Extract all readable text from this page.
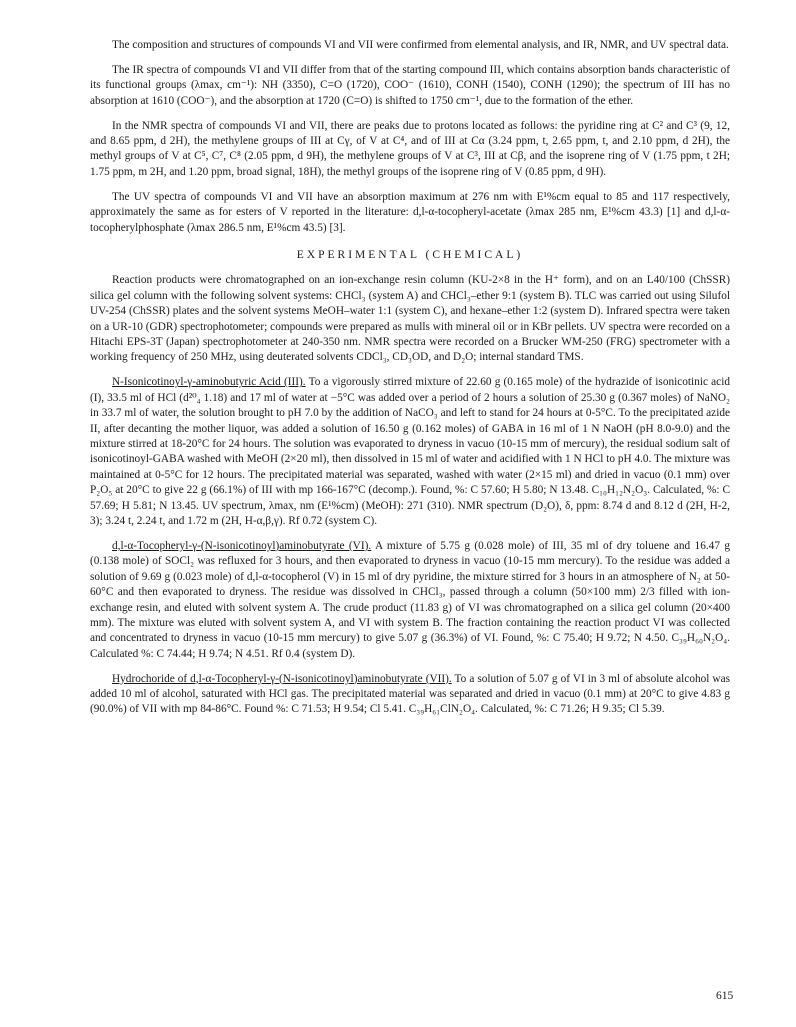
The composition and structures of compounds VI and VII were confirmed from elemental analysis, and IR, NMR, and UV spectral data.

The IR spectra of compounds VI and VII differ from that of the starting compound III, which contains absorption bands characteristic of its functional groups (λmax, cm⁻¹): NH (3350), C=O (1720), COO⁻ (1610), CONH (1540), CONH (1290); the spectrum of III has no absorption at 1610 (COO⁻), and the absorption at 1720 (C=O) is shifted to 1750 cm⁻¹, due to the formation of the ether.

In the NMR spectra of compounds VI and VII, there are peaks due to protons located as follows: the pyridine ring at C² and C³ (9, 12, and 8.65 ppm, d 2H), the methylene groups of III at Cγ, of V at C⁴, and of III at Cα (3.24 ppm, t, 2.65 ppm, t, and 2.10 ppm, d 2H), the methyl groups of V at C⁵, C⁷, C⁸ (2.05 ppm, d 9H), the methylene groups of V at C³, III at Cβ, and the isoprene ring of V (1.75 ppm, t 2H; 1.75 ppm, m 2H, and 1.20 ppm, broad signal, 18H), the methyl groups of the isoprene ring of V (0.85 ppm, d 9H).

The UV spectra of compounds VI and VII have an absorption maximum at 276 nm with E¹%cm equal to 85 and 117 respectively, approximately the same as for esters of V reported in the literature: d,l-α-tocopheryl-acetate (λmax 285 nm, E¹%cm 43.3) [1] and d,l-α-tocopherylphosphate (λmax 286.5 nm, E¹%cm 43.5) [3].

EXPERIMENTAL (CHEMICAL)

Reaction products were chromatographed on an ion-exchange resin column (KU-2×8 in the H⁺ form), and on an L40/100 (ChSSR) silica gel column with the following solvent systems: CHCl₃ (system A) and CHCl₃–ether 9:1 (system B). TLC was carried out using Silufol UV-254 (ChSSR) plates and the solvent systems MeOH–water 1:1 (system C), and hexane–ether 1:2 (system D). Infrared spectra were taken on a UR-10 (GDR) spectrophotometer; compounds were prepared as mulls with mineral oil or in KBr pellets. UV spectra were recorded on a Hitachi EPS-3T (Japan) spectrophotometer at 240-350 nm. NMR spectra were recorded on a Brucker WM-250 (FRG) spectrometer with a working frequency of 250 MHz, using deuterated solvents CDCl₃, CD₃OD, and D₂O; internal standard TMS.

N-Isonicotinoyl-γ-aminobutyric Acid (III). To a vigorously stirred mixture of 22.60 g (0.165 mole) of the hydrazide of isonicotinic acid (I), 33.5 ml of HCl (d²⁰₄ 1.18) and 17 ml of water at −5°C was added over a period of 2 hours a solution of 25.30 g (0.367 moles) of NaNO₂ in 33.7 ml of water, the solution brought to pH 7.0 by the addition of NaCO₃ and left to stand for 24 hours at 0-5°C. To the precipitated azide II, after decanting the mother liquor, was added a solution of 16.50 g (0.162 moles) of GABA in 16 ml of 1 N NaOH (pH 8.0-9.0) and the mixture stirred at 18-20°C for 24 hours. The solution was evaporated to dryness in vacuo (10-15 mm of mercury), the residual sodium salt of isonicotinoyl-GABA washed with MeOH (2×20 ml), then dissolved in 15 ml of water and acidified with 1 N HCl to pH 4.0. The mixture was maintained at 0-5°C for 12 hours. The precipitated material was separated, washed with water (2×15 ml) and dried in vacuo (0.1 mm) over P₂O₅ at 20°C to give 22 g (66.1%) of III with mp 166-167°C (decomp.). Found, %: C 57.60; H 5.80; N 13.48. C₁₀H₁₂N₂O₃. Calculated, %: C 57.69; H 5.81; N 13.45. UV spectrum, λmax, nm (E¹%cm) (MeOH): 271 (310). NMR spectrum (D₂O), δ, ppm: 8.74 d and 8.12 d (2H, H-2, 3); 3.24 t, 2.24 t, and 1.72 m (2H, H-α,β,γ). Rf 0.72 (system C).

d,l-α-Tocopheryl-γ-(N-isonicotinoyl)aminobutyrate (VI). A mixture of 5.75 g (0.028 mole) of III, 35 ml of dry toluene and 16.47 g (0.138 mole) of SOCl₂ was refluxed for 3 hours, and then evaporated to dryness in vacuo (10-15 mm mercury). To the residue was added a solution of 9.69 g (0.023 mole) of d,l-α-tocopherol (V) in 15 ml of dry pyridine, the mixture stirred for 3 hours in an atmosphere of N₂ at 50-60°C and then evaporated to dryness. The residue was dissolved in CHCl₃, passed through a column (50×100 mm) 2/3 filled with ion-exchange resin, and eluted with solvent system A. The crude product (11.83 g) of VI was chromatographed on a silica gel column (20×400 mm). The mixture was eluted with solvent system A, and VI with system B. The fraction containing the reaction product VI was collected and concentrated to dryness in vacuo (10-15 mm mercury) to give 5.07 g (36.3%) of VI. Found, %: C 75.40; H 9.72; N 4.50. C₃₉H₆₀N₂O₄. Calculated %: C 74.44; H 9.74; N 4.51. Rf 0.4 (system D).

Hydrochoride of d,l-α-Tocopheryl-γ-(N-isonicotinoyl)aminobutyrate (VII). To a solution of 5.07 g of VI in 3 ml of absolute alcohol was added 10 ml of alcohol, saturated with HCl gas. The precipitated material was separated and dried in vacuo (0.1 mm) at 20°C to give 4.83 g (90.0%) of VII with mp 84-86°C. Found %: C 71.53; H 9.54; Cl 5.41. C₃₉H₆₁ClN₂O₄. Calculated, %: C 71.26; H 9.35; Cl 5.39.

615
